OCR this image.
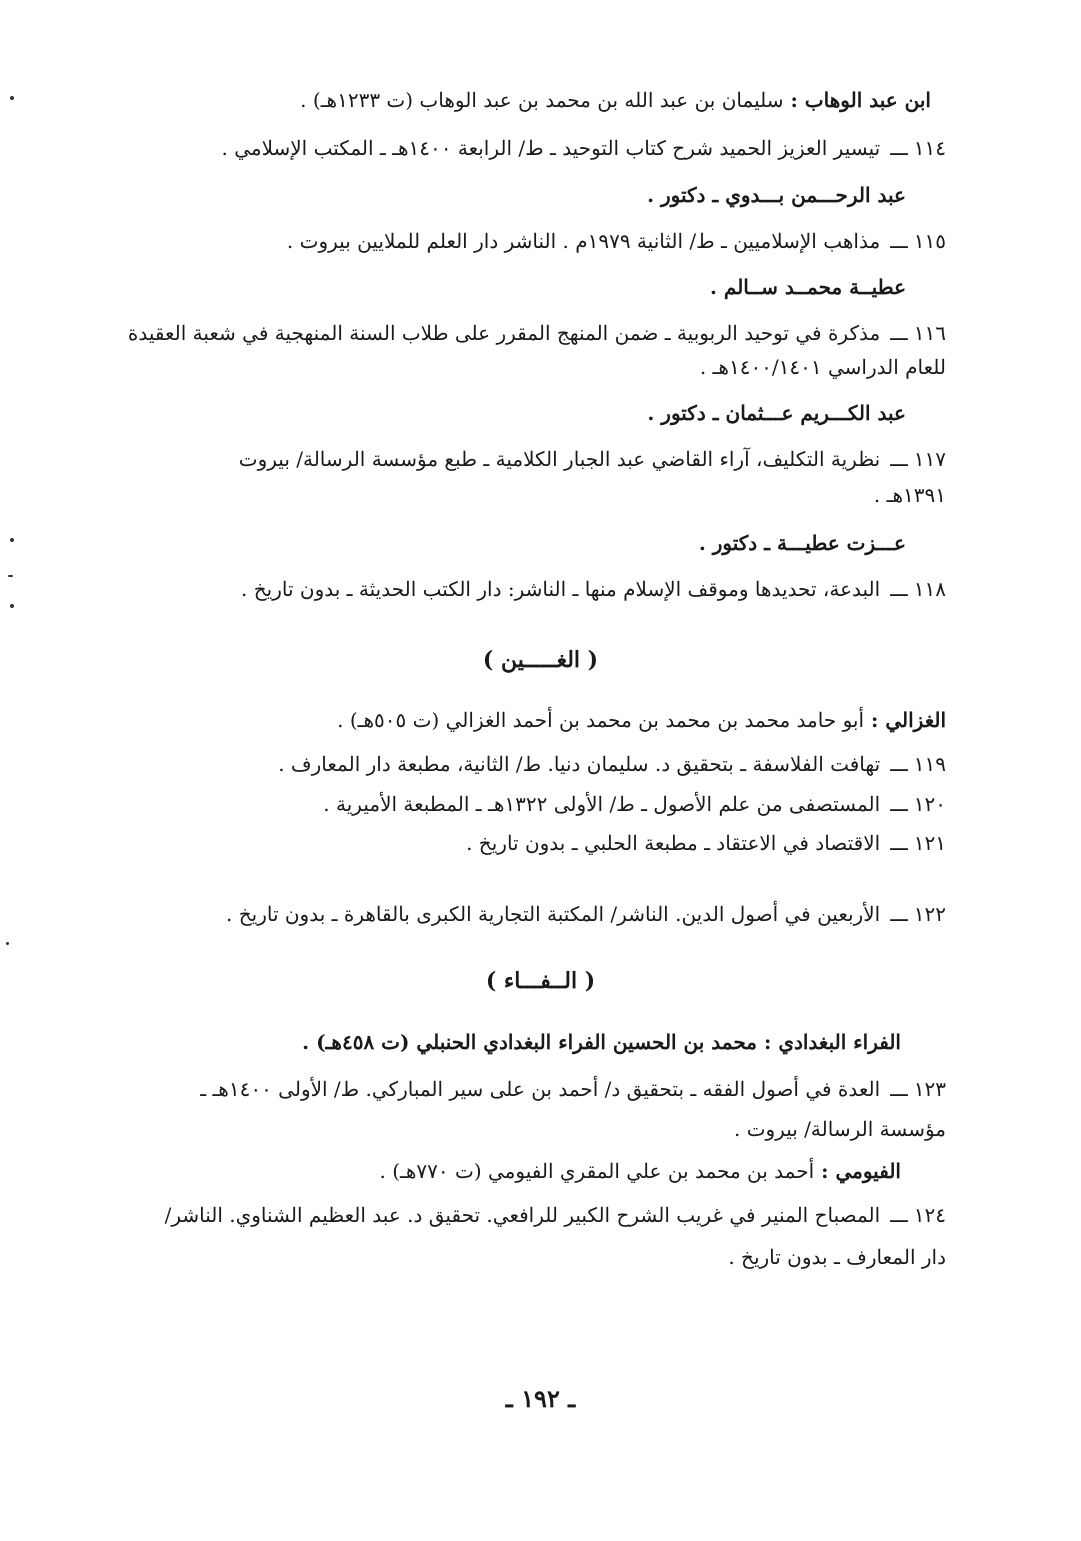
ابن عبد الوهاب : سليمان بن عبد الله بن محمد بن عبد الوهاب (ت ١٢٣٣هـ) .
١١٤ـــتيسير العزيز الحميد شرح كتاب التوحيد ـ ط/ الرابعة ١٤٠٠هـ ـ المكتب الإسلامي .
عبد الرحـــمن بـــدوي ـ دكتور .
١١٥ـــمذاهب الإسلاميين ـ ط/ الثانية ١٩٧٩م . الناشر دار العلم للملايين بيروت .
عطيــة محمــد ســالم .
١١٦ـــمذكرة في توحيد الربوبية ـ ضمن المنهج المقرر على طلاب السنة المنهجية في شعبة العقيدة
للعام الدراسي ١٤٠٠/١٤٠١هـ .
عبد الكـــريم عـــثمان ـ دكتور .
١١٧ـــنظرية التكليف، آراء القاضي عبد الجبار الكلامية ـ طبع مؤسسة الرسالة/ بيروت
١٣٩١هـ .
عـــزت عطيـــة ـ دكتور .
١١٨ـــالبدعة، تحديدها وموقف الإسلام منها ـ الناشر: دار الكتب الحديثة ـ بدون تاريخ .
( الغـــــين )
الغزالي : أبو حامد محمد بن محمد بن محمد بن أحمد الغزالي (ت ٥٠٥هـ) .
١١٩ـــتهافت الفلاسفة ـ بتحقيق د. سليمان دنيا. ط/ الثانية، مطبعة دار المعارف .
١٢٠ـــالمستصفى من علم الأصول ـ ط/ الأولى ١٣٢٢هـ ـ المطبعة الأميرية .
١٢١ـــالاقتصاد في الاعتقاد ـ مطبعة الحلبي ـ بدون تاريخ .
١٢٢ـــالأربعين في أصول الدين. الناشر/ المكتبة التجارية الكبرى بالقاهرة ـ بدون تاريخ .
( الــفـــاء )
الفراء البغدادي : محمد بن الحسين الفراء البغدادي الحنبلي (ت ٤٥٨هـ) .
١٢٣ـــالعدة في أصول الفقه ـ بتحقيق د/ أحمد بن على سير المباركي. ط/ الأولى ١٤٠٠هـ ـ
مؤسسة الرسالة/ بيروت .
الفيومي : أحمد بن محمد بن علي المقري الفيومي (ت ٧٧٠هـ) .
١٢٤ـــالمصباح المنير في غريب الشرح الكبير للرافعي. تحقيق د. عبد العظيم الشناوي. الناشر/
دار المعارف ـ بدون تاريخ .
ـ ١٩٢ ـ
